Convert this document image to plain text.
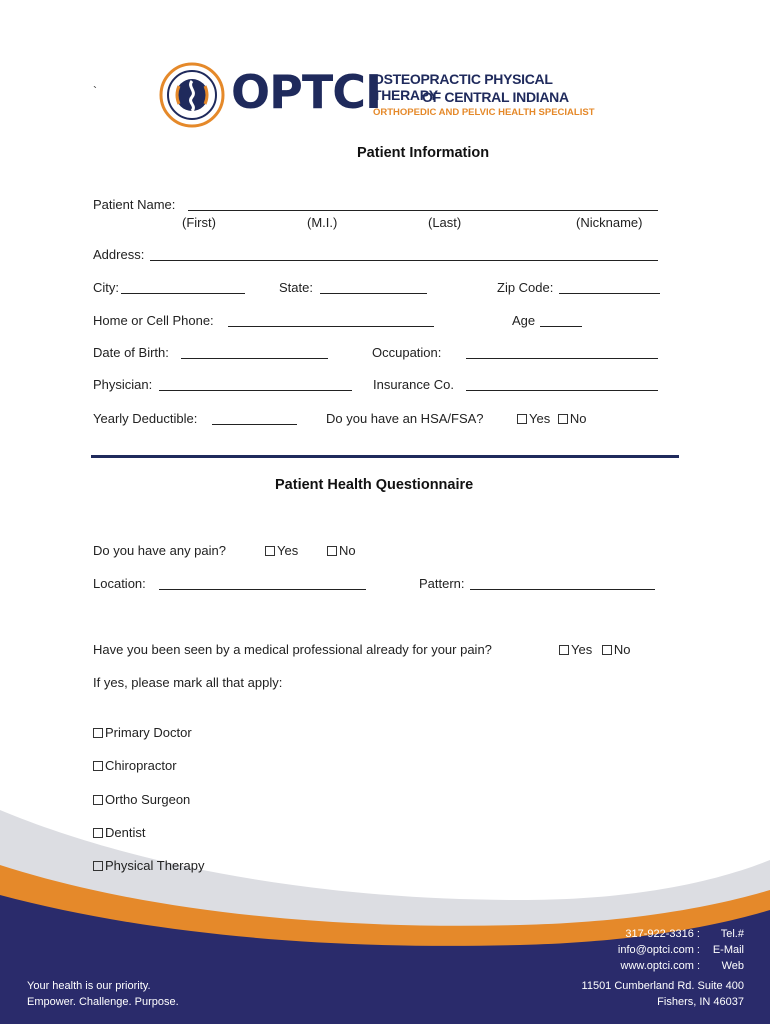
`	OPTCI
OSTEOPRACTIC PHYSICAL THERAPY
OF CENTRAL INDIANA
ORTHOPEDIC AND PELVIC HEALTH SPECIALIST
Patient Information
Patient Name:
(First)	(M.I.)	(Last)	(Nickname)
Address:
City:	State:	Zip Code:
Home or Cell Phone:	Age
Date of Birth:	Occupation:
Physician:	Insurance Co.
Yearly Deductible:	Do you have an HSA/FSA?	Yes No
Patient Health Questionnaire
Do you have any pain?	Yes	No
Location:	Pattern:
Have you been seen by a medical professional already for your pain?	Yes No
If yes, please mark all that apply:
Primary Doctor
Chiropractor
Ortho Surgeon
Dentist
Physical Therapy
317-922-3316 : Tel.#
info@optci.com : E-Mail
www.optci.com : Web
Your health is our priority.
Empower. Challenge. Purpose.
11501 Cumberland Rd. Suite 400
Fishers, IN 46037
